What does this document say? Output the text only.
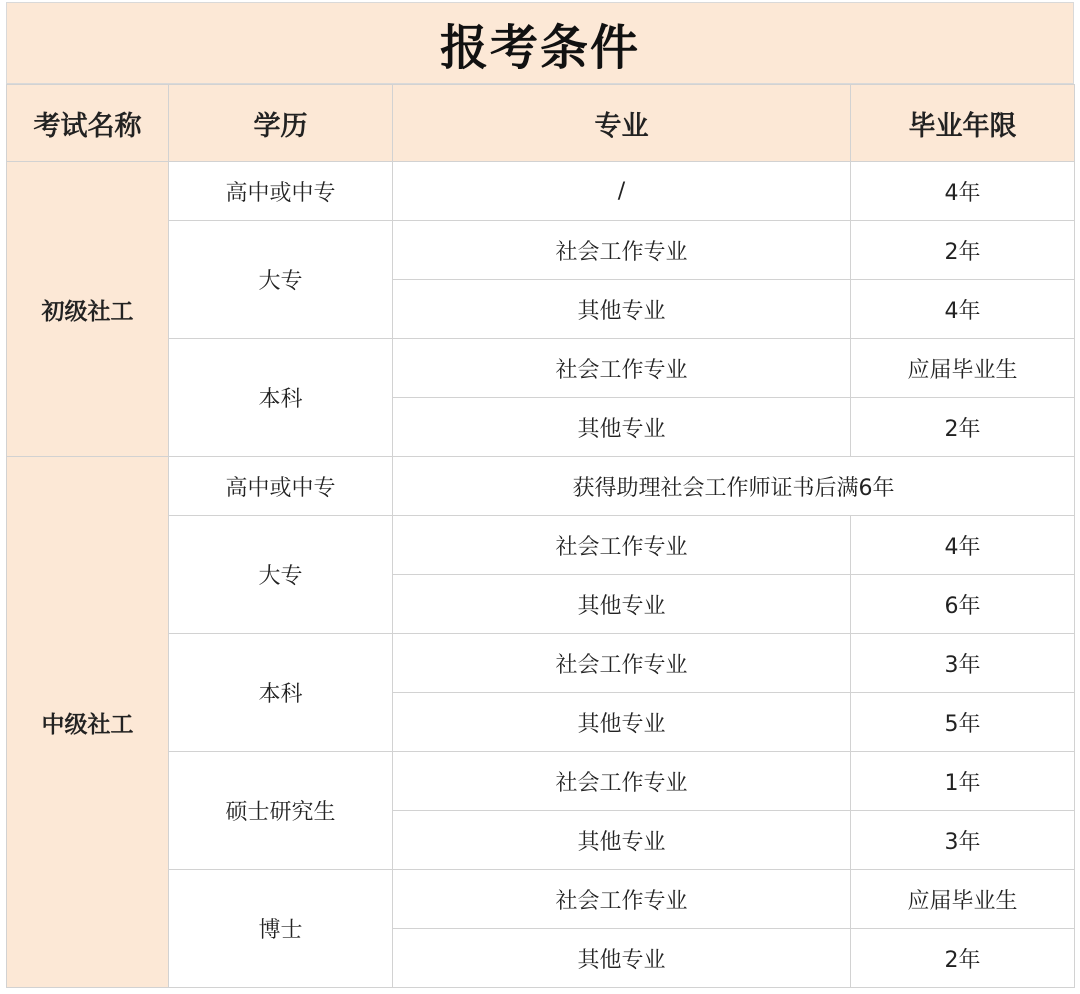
报考条件
考试名称	学历	专业	毕业年限
初级社工	高中或中专	/	4年
	大专	社会工作专业	2年
		其他专业	4年
	本科	社会工作专业	应届毕业生
		其他专业	2年
中级社工	高中或中专	获得助理社会工作师证书后满6年	
	大专	社会工作专业	4年
		其他专业	6年
	本科	社会工作专业	3年
		其他专业	5年
	硕士研究生	社会工作专业	1年
		其他专业	3年
	博士	社会工作专业	应届毕业生
		其他专业	2年
